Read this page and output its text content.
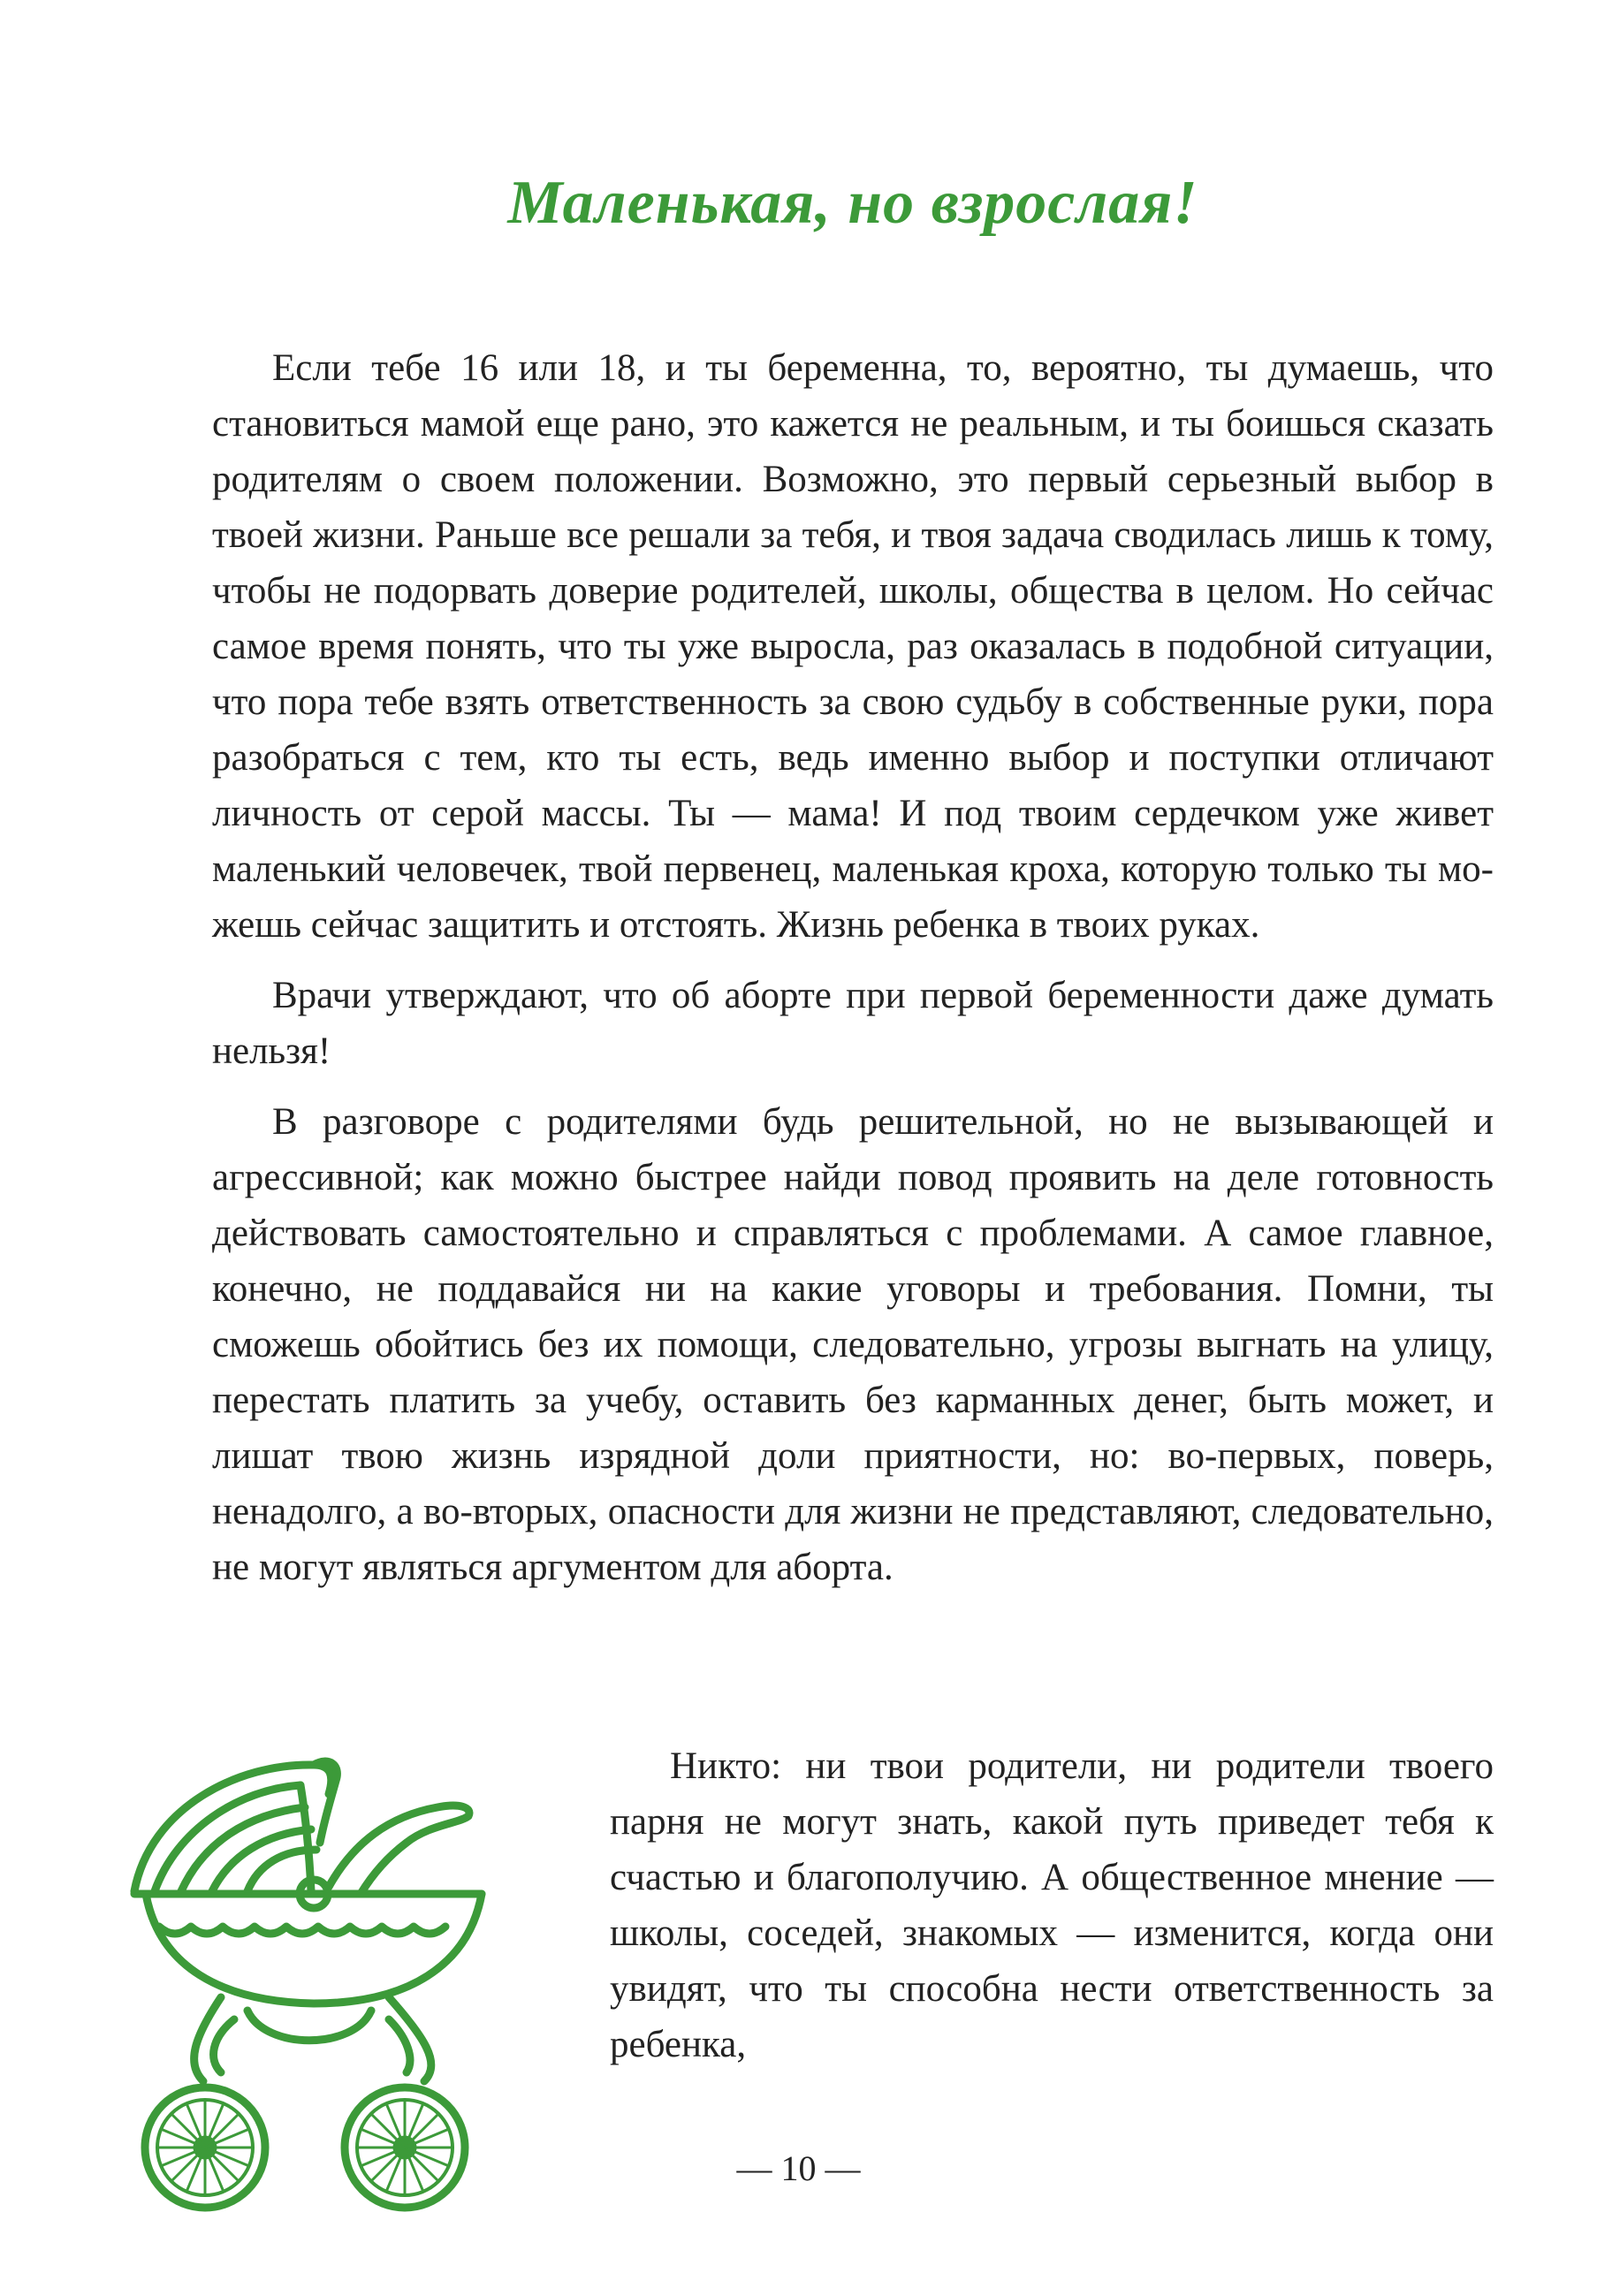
Маленькая, но взрослая!

Если тебе 16 или 18, и ты беременна, то, вероятно, ты думаешь, что становиться мамой еще рано, это кажется не реальным, и ты боишься сказать родителям о своем положении. Возможно, это первый серьезный выбор в твоей жизни. Раньше все решали за тебя, и твоя задача сводилась лишь к тому, чтобы не подорвать доверие родителей, школы, общества в целом. Но сейчас самое время понять, что ты уже выросла, раз оказалась в подобной ситуации, что пора тебе взять ответственность за свою судьбу в собственные руки, пора разобраться с тем, кто ты есть, ведь именно выбор и поступки отличают личность от серой массы. Ты — мама! И под твоим сердечком уже живет маленький человечек, твой первенец, маленькая кроха, которую только ты можешь сейчас защитить и отстоять. Жизнь ребенка в твоих руках.

Врачи утверждают, что об аборте при первой беременности даже думать нельзя!

В разговоре с родителями будь решительной, но не вызывающей и агрессивной; как можно быстрее найди повод проявить на деле готовность действовать самостоятельно и справляться с проблемами. А самое главное, конечно, не поддавайся ни на какие уговоры и требования. Помни, ты сможешь обойтись без их помощи, следовательно, угрозы выгнать на улицу, перестать платить за учебу, оставить без карманных денег, быть может, и лишат твою жизнь изрядной доли приятности, но: во-первых, поверь, ненадолго, а во-вторых, опасности для жизни не представляют, следовательно, не могут являться аргументом для аборта.

Никто: ни твои родители, ни родители твоего парня не могут знать, какой путь приведет тебя к счастью и благополучию. А общественное мнение — школы, соседей, знакомых — изменится, когда они увидят, что ты способна нести ответственность за ребенка,

— 10 —
